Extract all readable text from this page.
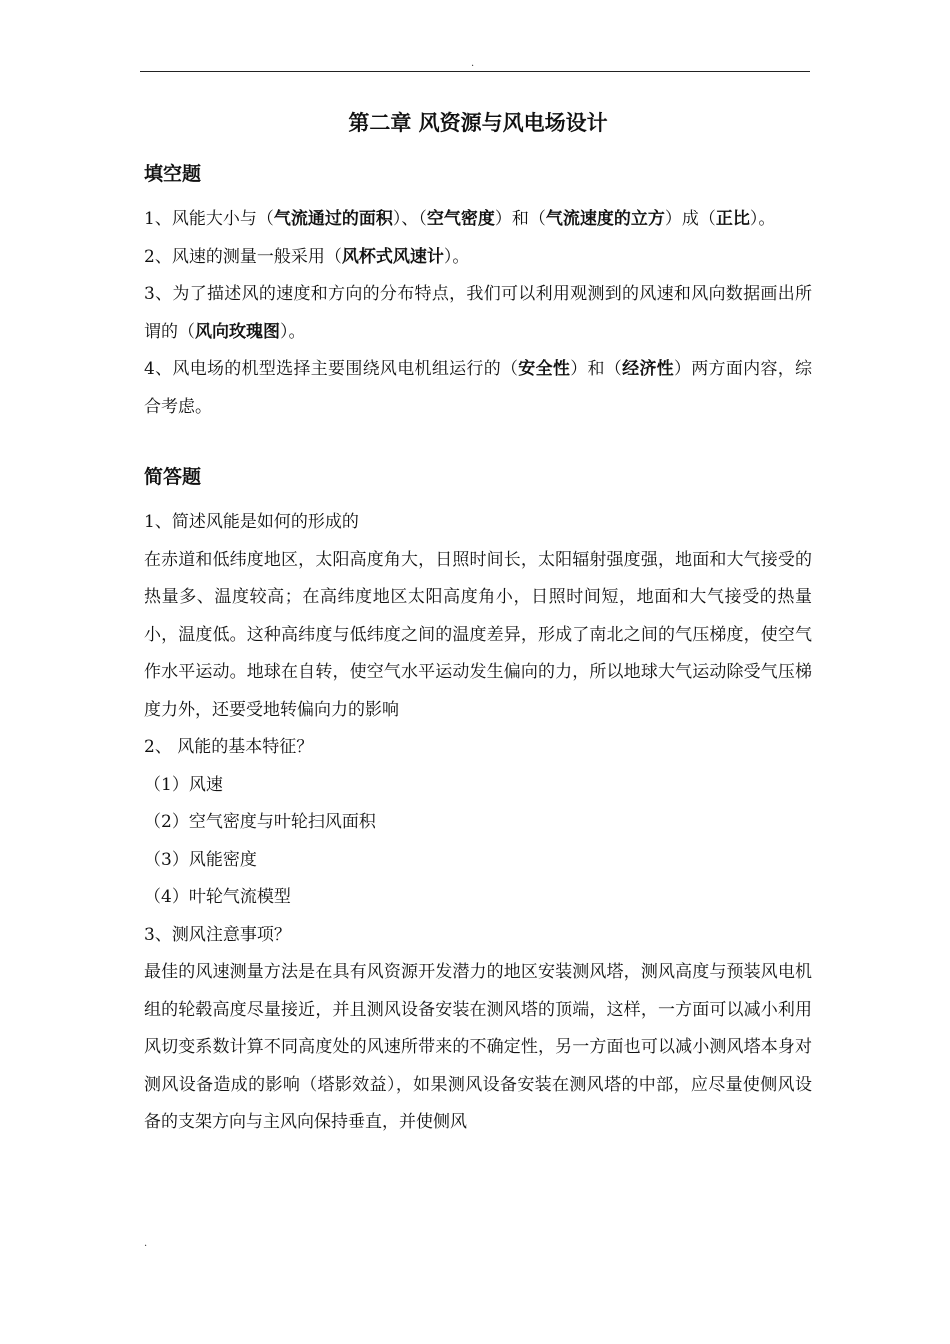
.
第二章 风资源与风电场设计
填空题

1、风能大小与（气流通过的面积）、（空气密度）和（气流速度的立方）成（正比）。

2、风速的测量一般采用（风杯式风速计）。

3、为了描述风的速度和方向的分布特点，我们可以利用观测到的风速和风向数据画出所谓的（风向玫瑰图）。

4、风电场的机型选择主要围绕风电机组运行的（安全性）和（经济性）两方面内容，综合考虑。

简答题

1、简述风能是如何的形成的

在赤道和低纬度地区，太阳高度角大，日照时间长，太阳辐射强度强，地面和大气接受的热量多、温度较高；在高纬度地区太阳高度角小，日照时间短，地面和大气接受的热量小，温度低。这种高纬度与低纬度之间的温度差异，形成了南北之间的气压梯度，使空气作水平运动。地球在自转，使空气水平运动发生偏向的力，所以地球大气运动除受气压梯度力外，还要受地转偏向力的影响

2、 风能的基本特征？

（1）风速

（2）空气密度与叶轮扫风面积

（3）风能密度

（4）叶轮气流模型

3、测风注意事项？

最佳的风速测量方法是在具有风资源开发潜力的地区安装测风塔，测风高度与预装风电机组的轮毂高度尽量接近，并且测风设备安装在测风塔的顶端，这样，一方面可以减小利用风切变系数计算不同高度处的风速所带来的不确定性，另一方面也可以减小测风塔本身对测风设备造成的影响（塔影效益），如果测风设备安装在测风塔的中部，应尽量使侧风设备的支架方向与主风向保持垂直，并使侧风

.
